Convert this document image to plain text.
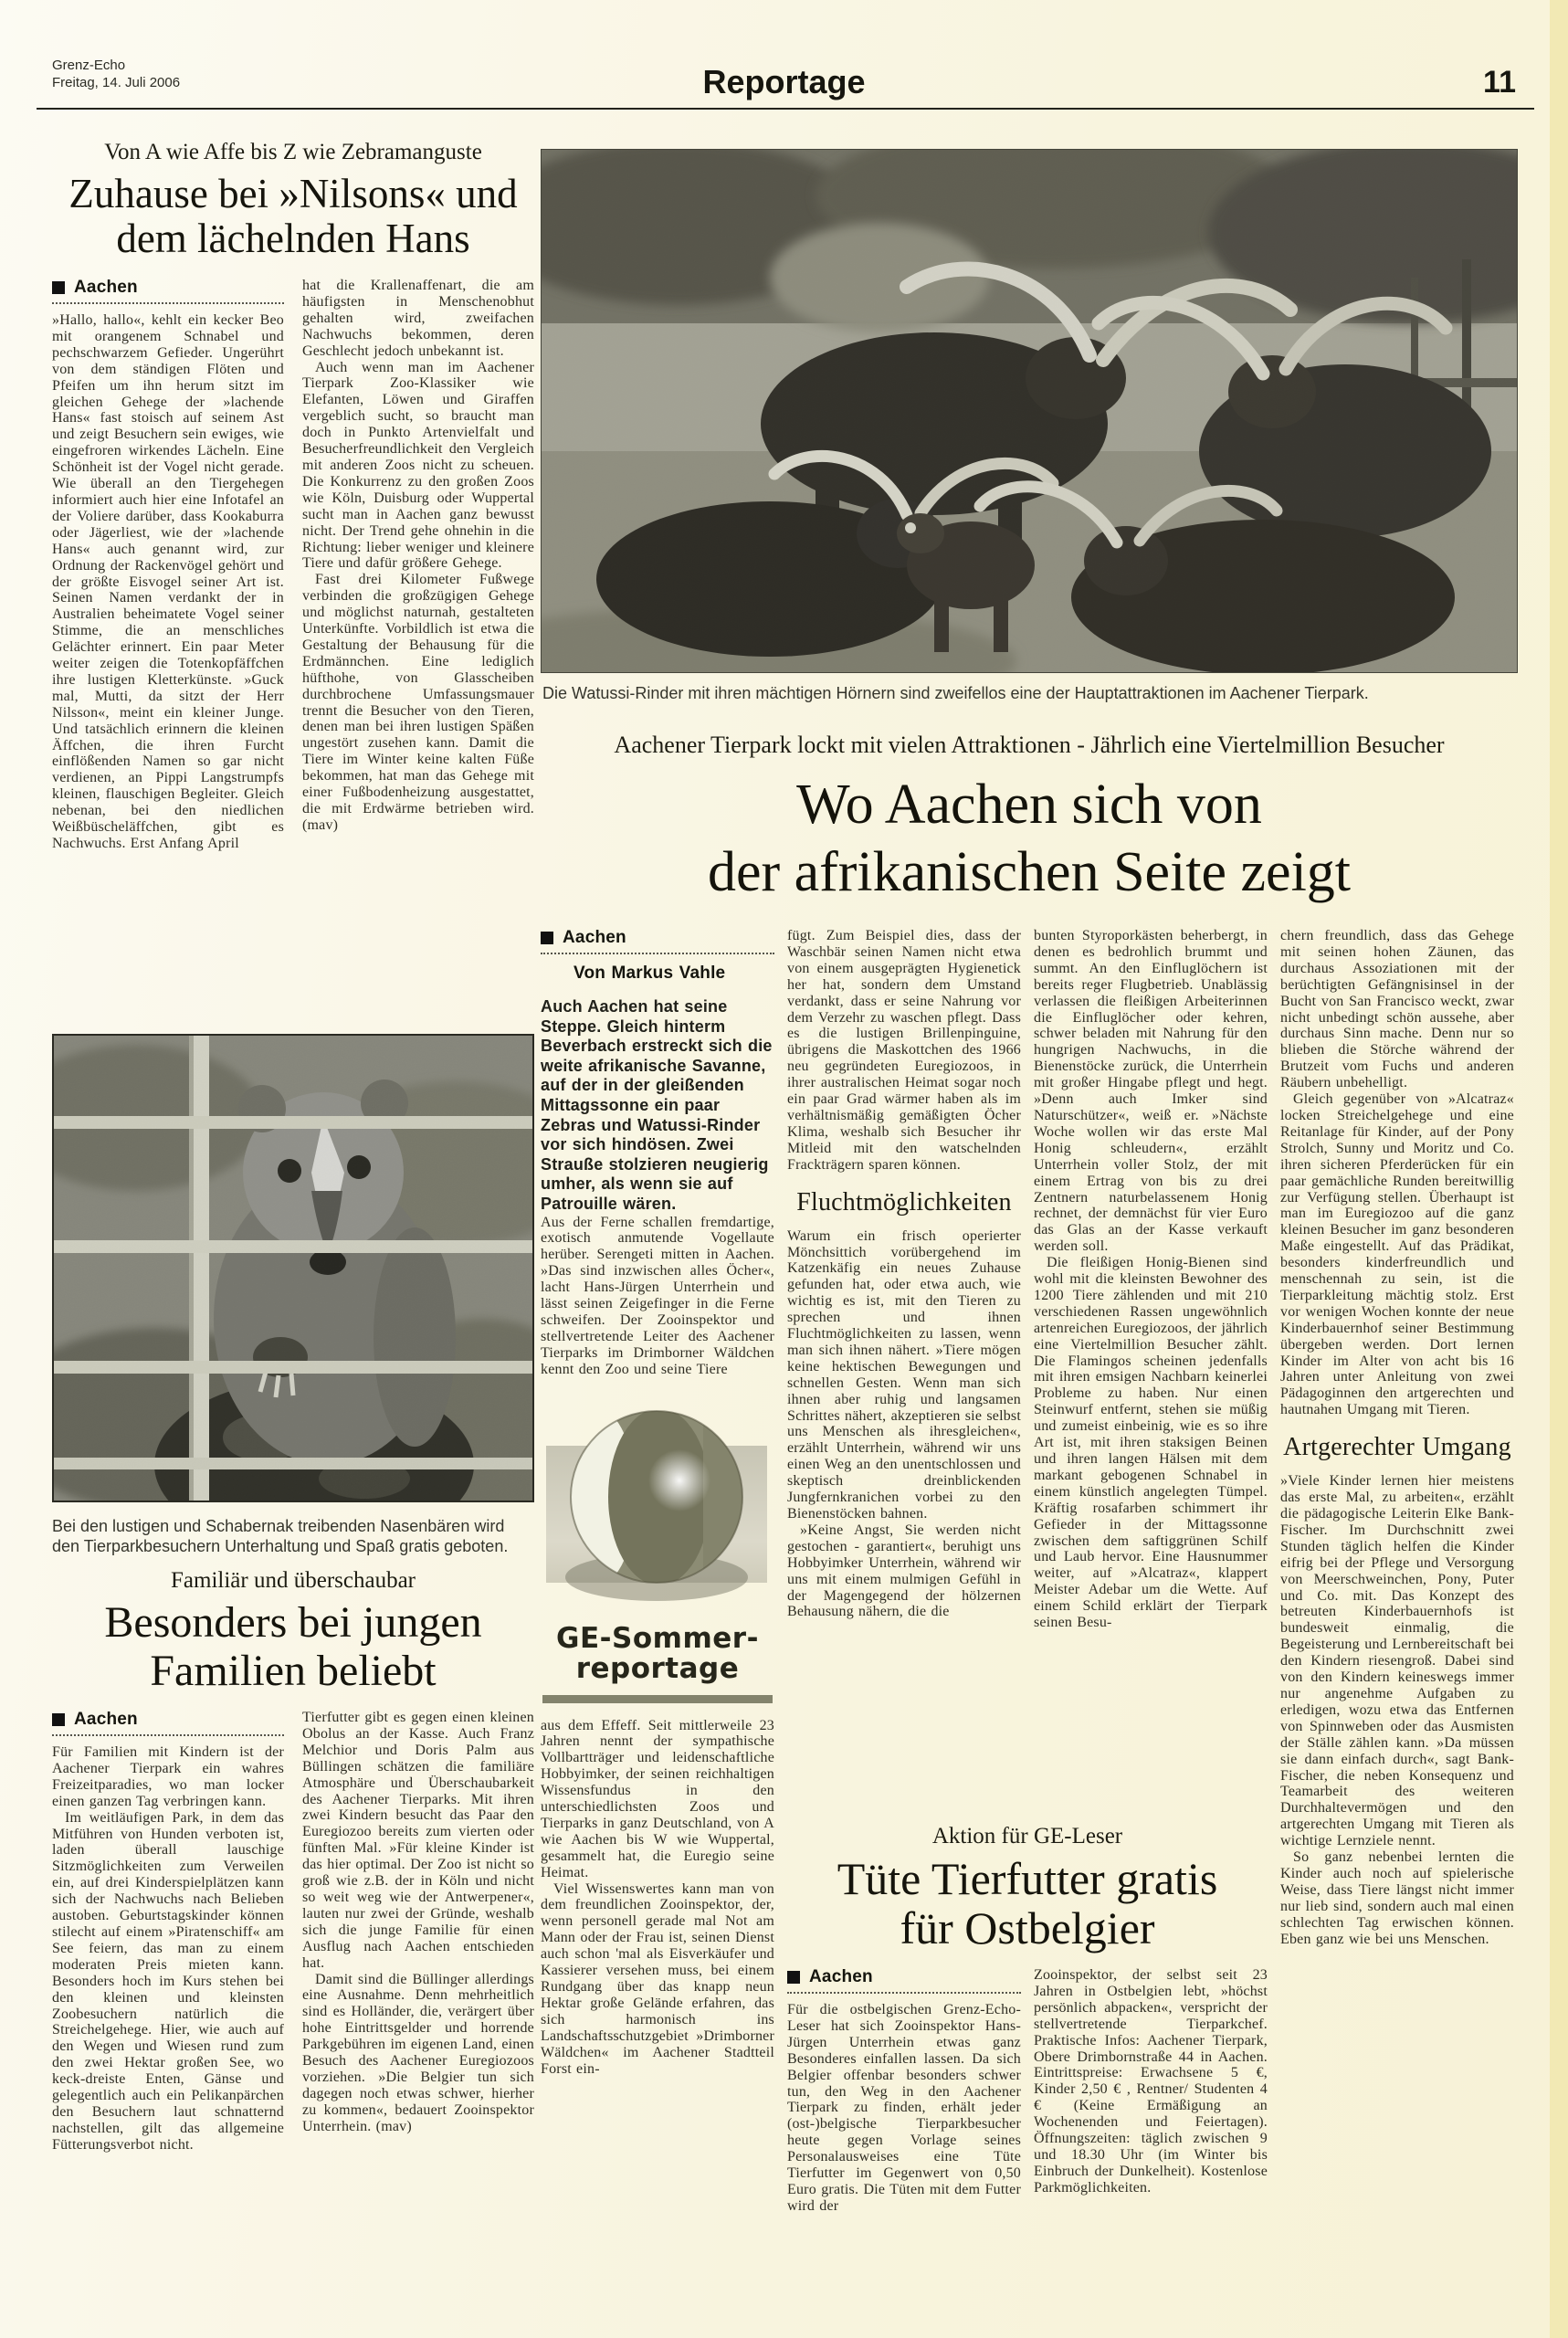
Grenz-Echo
Freitag, 14. Juli 2006	Reportage	11
Von A wie Affe bis Z wie Zebramanguste
Zuhause bei »Nilsons« und
dem lächelnden Hans
Aachen

»Hallo, hallo«, kehlt ein kecker Beo mit orangenem Schnabel und pechschwarzem Gefieder. Ungerührt von dem ständigen Flöten und Pfeifen um ihn herum sitzt im gleichen Gehege der »lachende Hans« fast stoisch auf seinem Ast und zeigt Besuchern sein ewiges, wie eingefroren wirkendes Lächeln. Eine Schönheit ist der Vogel nicht gerade. Wie überall an den Tiergehegen informiert auch hier eine Infotafel an der Voliere darüber, dass Kookaburra oder Jägerliest, wie der »lachende Hans« auch genannt wird, zur Ordnung der Rackenvögel gehört und der größte Eisvogel seiner Art ist. Seinen Namen verdankt der in Australien beheimatete Vogel seiner Stimme, die an menschliches Gelächter erinnert. Ein paar Meter weiter zeigen die Totenkopfäffchen ihre lustigen Kletterkünste. »Guck mal, Mutti, da sitzt der Herr Nilsson«, meint ein kleiner Junge. Und tatsächlich erinnern die kleinen Äffchen, die ihren Furcht einflößenden Namen so gar nicht verdienen, an Pippi Langstrumpfs kleinen, flauschigen Begleiter. Gleich nebenan, bei den niedlichen Weißbüscheläffchen, gibt es Nachwuchs. Erst Anfang April

hat die Krallenaffenart, die am häufigsten in Menschenobhut gehalten wird, zweifachen Nachwuchs bekommen, deren Geschlecht jedoch unbekannt ist.

Auch wenn man im Aachener Tierpark Zoo-Klassiker wie Elefanten, Löwen und Giraffen vergeblich sucht, so braucht man doch in Punkto Artenvielfalt und Besucherfreundlichkeit den Vergleich mit anderen Zoos nicht zu scheuen. Die Konkurrenz zu den großen Zoos wie Köln, Duisburg oder Wuppertal sucht man in Aachen ganz bewusst nicht. Der Trend gehe ohnehin in die Richtung: lieber weniger und kleinere Tiere und dafür größere Gehege.

Fast drei Kilometer Fußwege verbinden die großzügigen Gehege und möglichst naturnah, gestalteten Unterkünfte. Vorbildlich ist etwa die Gestaltung der Behausung für die Erdmännchen. Eine lediglich hüfthohe, von Glasscheiben durchbrochene Umfassungsmauer trennt die Besucher von den Tieren, denen man bei ihren lustigen Späßen ungestört zusehen kann. Damit die Tiere im Winter keine kalten Füße bekommen, hat man das Gehege mit einer Fußbodenheizung ausgestattet, die mit Erdwärme betrieben wird. (mav)

Die Watussi-Rinder mit ihren mächtigen Hörnern sind zweifellos eine der Hauptattraktionen im Aachener Tierpark.
Aachener Tierpark lockt mit vielen Attraktionen - Jährlich eine Viertelmillion Besucher
Wo Aachen sich von
der afrikanischen Seite zeigt
Aachen
Von Markus Vahle

Auch Aachen hat seine Steppe. Gleich hinterm Beverbach erstreckt sich die weite afrikanische Savanne, auf der in der gleißenden Mittagssonne ein paar Zebras und Watussi-Rinder vor sich hindösen. Zwei Strauße stolzieren neugierig umher, als wenn sie auf Patrouille wären.

Aus der Ferne schallen fremdartige, exotisch anmutende Vogellaute herüber. Serengeti mitten in Aachen. »Das sind inzwischen alles Öcher«, lacht Hans-Jürgen Unterrhein und lässt seinen Zeigefinger in die Ferne schweifen. Der Zooinspektor und stellvertretende Leiter des Aachener Tierparks im Drimborner Wäldchen kennt den Zoo und seine Tiere

GE-Sommer-
reportage

aus dem Effeff. Seit mittlerweile 23 Jahren nennt der sympathische Vollbartträger und leidenschaftliche Hobbyimker, der seinen reichhaltigen Wissensfundus in den unterschiedlichsten Zoos und Tierparks in ganz Deutschland, von A wie Aachen bis W wie Wuppertal, gesammelt hat, die Euregio seine Heimat.

Viel Wissenswertes kann man von dem freundlichen Zooinspektor, der, wenn personell gerade mal Not am Mann oder der Frau ist, seinen Dienst auch schon 'mal als Eisverkäufer und Kassierer versehen muss, bei einem Rundgang über das knapp neun Hektar große Gelände erfahren, das sich harmonisch ins Landschaftsschutzgebiet »Drimborner Wäldchen« im Aachener Stadtteil Forst ein-

fügt. Zum Beispiel dies, dass der Waschbär seinen Namen nicht etwa von einem ausgeprägten Hygienetick her hat, sondern dem Umstand verdankt, dass er seine Nahrung vor dem Verzehr zu waschen pflegt. Dass es die lustigen Brillenpinguine, übrigens die Maskottchen des 1966 neu gegründeten Euregiozoos, in ihrer australischen Heimat sogar noch ein paar Grad wärmer haben als im verhältnismäßig gemäßigten Öcher Klima, weshalb sich Besucher ihr Mitleid mit den watschelnden Frackträgern sparen können.

Fluchtmöglichkeiten

Warum ein frisch operierter Mönchsittich vorübergehend im Katzenkäfig ein neues Zuhause gefunden hat, oder etwa auch, wie wichtig es ist, mit den Tieren zu sprechen und ihnen Fluchtmöglichkeiten zu lassen, wenn man sich ihnen nähert. »Tiere mögen keine hektischen Bewegungen und schnellen Gesten. Wenn man sich ihnen aber ruhig und langsamen Schrittes nähert, akzeptieren sie selbst uns Menschen als ihresgleichen«, erzählt Unterrhein, während wir uns einen Weg an den unentschlossen und skeptisch dreinblickenden Jungfernkranichen vorbei zu den Bienenstöcken bahnen.

»Keine Angst, Sie werden nicht gestochen - garantiert«, beruhigt uns Hobbyimker Unterrhein, während wir uns mit einem mulmigen Gefühl in der Magengegend der hölzernen Behausung nähern, die die

bunten Styroporkästen beherbergt, in denen es bedrohlich brummt und summt. An den Einfluglöchern ist bereits reger Flugbetrieb. Unablässig verlassen die fleißigen Arbeiterinnen die Einfluglöcher oder kehren, schwer beladen mit Nahrung für den hungrigen Nachwuchs, in die Bienenstöcke zurück, die Unterrhein mit großer Hingabe pflegt und hegt. »Denn auch Imker sind Naturschützer«, weiß er. »Nächste Woche wollen wir das erste Mal Honig schleudern«, erzählt Unterrhein voller Stolz, der mit einem Ertrag von bis zu drei Zentnern naturbelassenem Honig rechnet, der demnächst für vier Euro das Glas an der Kasse verkauft werden soll.

Die fleißigen Honig-Bienen sind wohl mit die kleinsten Bewohner des 1200 Tiere zählenden und mit 210 verschiedenen Rassen ungewöhnlich artenreichen Euregiozoos, der jährlich eine Viertelmillion Besucher zählt. Die Flamingos scheinen jedenfalls mit ihren emsigen Nachbarn keinerlei Probleme zu haben. Nur einen Steinwurf entfernt, stehen sie müßig und zumeist einbeinig, wie es so ihre Art ist, mit ihren staksigen Beinen und ihren langen Hälsen mit dem markant gebogenen Schnabel in einem künstlich angelegten Tümpel. Kräftig rosafarben schimmert ihr Gefieder in der Mittagssonne zwischen dem saftiggrünen Schilf und Laub hervor. Eine Hausnummer weiter, auf »Alcatraz«, klappert Meister Adebar um die Wette. Auf einem Schild erklärt der Tierpark seinen Besu-

chern freundlich, dass das Gehege mit seinen hohen Zäunen, das durchaus Assoziationen mit der berüchtigten Gefängnisinsel in der Bucht von San Francisco weckt, zwar nicht unbedingt schön aussehe, aber durchaus Sinn mache. Denn nur so blieben die Störche während der Brutzeit vom Fuchs und anderen Räubern unbehelligt.

Gleich gegenüber von »Alcatraz« locken Streichelgehege und eine Reitanlage für Kinder, auf der Pony Strolch, Sunny und Moritz und Co. ihren sicheren Pferderücken für ein paar gemächliche Runden bereitwillig zur Verfügung stellen. Überhaupt ist man im Euregiozoo auf die ganz kleinen Besucher im ganz besonderen Maße eingestellt. Auf das Prädikat, besonders kinderfreundlich und menschennah zu sein, ist die Tierparkleitung mächtig stolz. Erst vor wenigen Wochen konnte der neue Kinderbauernhof seiner Bestimmung übergeben werden. Dort lernen Kinder im Alter von acht bis 16 Jahren unter Anleitung von zwei Pädagoginnen den artgerechten und hautnahen Umgang mit Tieren.

Artgerechter Umgang

»Viele Kinder lernen hier meistens das erste Mal, zu arbeiten«, erzählt die pädagogische Leiterin Elke Bank-Fischer. Im Durchschnitt zwei Stunden täglich helfen die Kinder eifrig bei der Pflege und Versorgung von Meerschweinchen, Pony, Puter und Co. mit. Das Konzept des betreuten Kinderbauernhofs ist bundesweit einmalig, die Begeisterung und Lernbereitschaft bei den Kindern riesengroß. Dabei sind von den Kindern keineswegs immer nur angenehme Aufgaben zu erledigen, wozu etwa das Entfernen von Spinnweben oder das Ausmisten der Ställe zählen kann. »Da müssen sie dann einfach durch«, sagt Bank-Fischer, die neben Konsequenz und Teamarbeit des weiteren Durchhaltevermögen und den artgerechten Umgang mit Tieren als wichtige Lernziele nennt.

So ganz nebenbei lernten die Kinder auch noch auf spielerische Weise, dass Tiere längst nicht immer nur lieb sind, sondern auch mal einen schlechten Tag erwischen können. Eben ganz wie bei uns Menschen.

Aktion für GE-Leser
Tüte Tierfutter gratis
für Ostbelgier
Aachen

Für die ostbelgischen Grenz-Echo-Leser hat sich Zooinspektor Hans-Jürgen Unterrhein etwas ganz Besonderes einfallen lassen. Da sich Belgier offenbar besonders schwer tun, den Weg in den Aachener Tierpark zu finden, erhält jeder (ost-)belgische Tierparkbesucher heute gegen Vorlage seines Personalausweises eine Tüte Tierfutter im Gegenwert von 0,50 Euro gratis. Die Tüten mit dem Futter wird der

Zooinspektor, der selbst seit 23 Jahren in Ostbelgien lebt, »höchst persönlich abpacken«, verspricht der stellvertretende Tierparkchef. Praktische Infos: Aachener Tierpark, Obere Drimbornstraße 44 in Aachen. Eintrittspreise: Erwachsene 5 €, Kinder 2,50 € , Rentner/ Studenten 4 € (Keine Ermäßigung an Wochenenden und Feiertagen). Öffnungszeiten: täglich zwischen 9 und 18.30 Uhr (im Winter bis Einbruch der Dunkelheit). Kostenlose Parkmöglichkeiten.

Bei den lustigen und Schabernak treibenden Nasenbären wird den Tierparkbesuchern Unterhaltung und Spaß gratis geboten.
Familiär und überschaubar
Besonders bei jungen
Familien beliebt
Aachen

Für Familien mit Kindern ist der Aachener Tierpark ein wahres Freizeitparadies, wo man locker einen ganzen Tag verbringen kann.

Im weitläufigen Park, in dem das Mitführen von Hunden verboten ist, laden überall lauschige Sitzmöglichkeiten zum Verweilen ein, auf drei Kinderspielplätzen kann sich der Nachwuchs nach Belieben austoben. Geburtstagskinder können stilecht auf einem »Piratenschiff« am See feiern, das man zu einem moderaten Preis mieten kann. Besonders hoch im Kurs stehen bei den kleinen und kleinsten Zoobesuchern natürlich die Streichelgehege. Hier, wie auch auf den Wegen und Wiesen rund zum den zwei Hektar großen See, wo keck-dreiste Enten, Gänse und gelegentlich auch ein Pelikanpärchen den Besuchern laut schnatternd nachstellen, gilt das allgemeine Fütterungsverbot nicht.

Tierfutter gibt es gegen einen kleinen Obolus an der Kasse. Auch Franz Melchior und Doris Palm aus Büllingen schätzen die familiäre Atmosphäre und Überschaubarkeit des Aachener Tierparks. Mit ihren zwei Kindern besucht das Paar den Euregiozoo bereits zum vierten oder fünften Mal. »Für kleine Kinder ist das hier optimal. Der Zoo ist nicht so groß wie z.B. der in Köln und nicht so weit weg wie der Antwerpener«, lauten nur zwei der Gründe, weshalb sich die junge Familie für einen Ausflug nach Aachen entschieden hat.

Damit sind die Büllinger allerdings eine Ausnahme. Denn mehrheitlich sind es Holländer, die, verärgert über hohe Eintrittsgelder und horrende Parkgebühren im eigenen Land, einen Besuch des Aachener Euregiozoos vorziehen. »Die Belgier tun sich dagegen noch etwas schwer, hierher zu kommen«, bedauert Zooinspektor Unterrhein. (mav)
